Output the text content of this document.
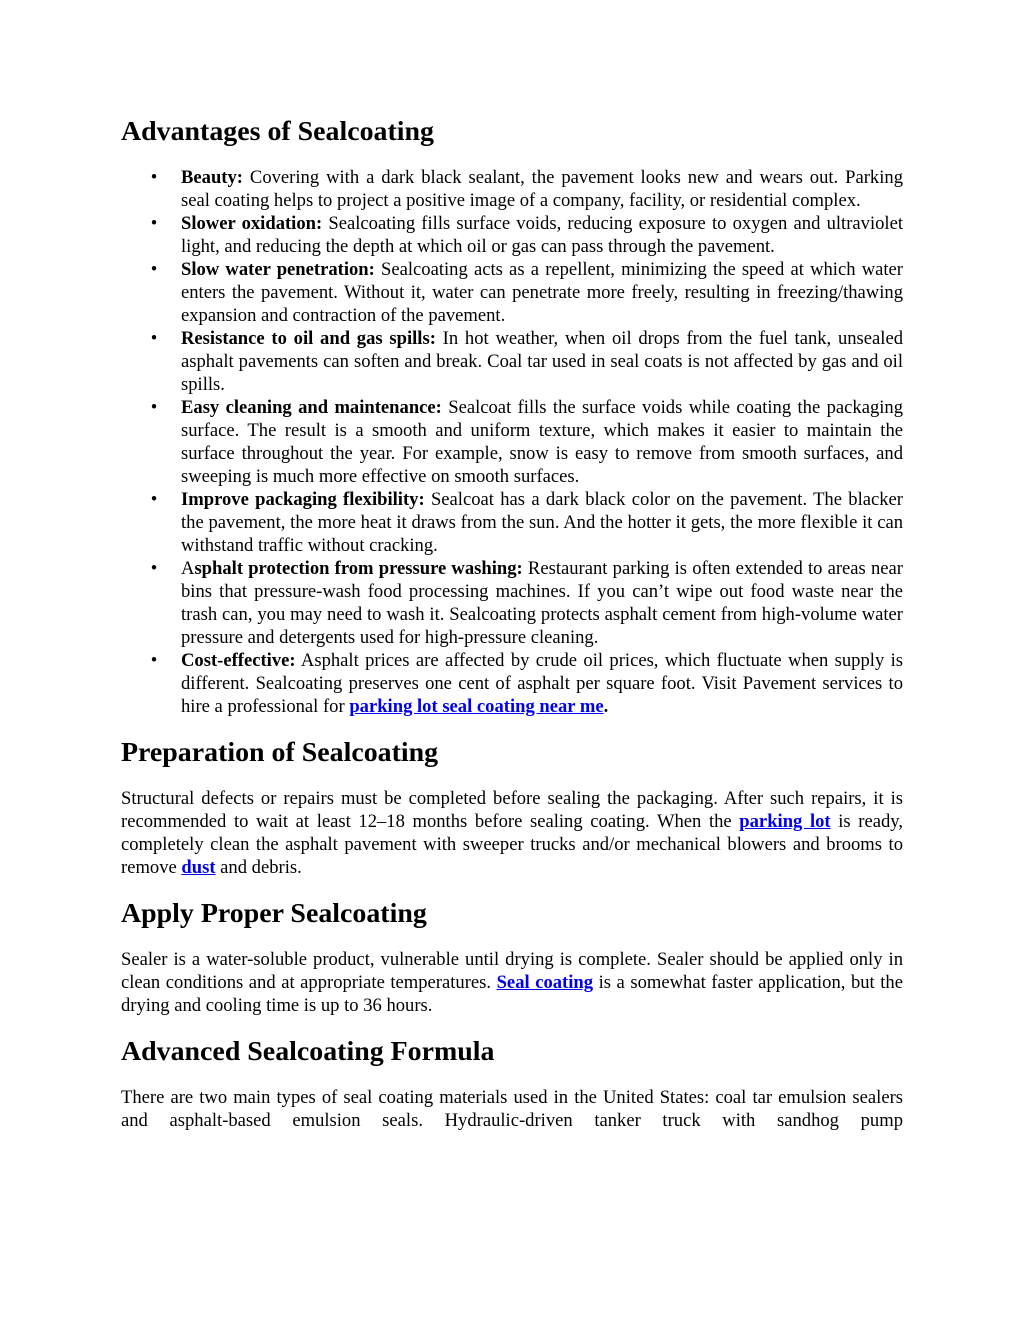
Advantages of Sealcoating
• Beauty: Covering with a dark black sealant, the pavement looks new and wears out. Parking seal coating helps to project a positive image of a company, facility, or residential complex.
• Slower oxidation: Sealcoating fills surface voids, reducing exposure to oxygen and ultraviolet light, and reducing the depth at which oil or gas can pass through the pavement.
• Slow water penetration: Sealcoating acts as a repellent, minimizing the speed at which water enters the pavement. Without it, water can penetrate more freely, resulting in freezing/thawing expansion and contraction of the pavement.
• Resistance to oil and gas spills: In hot weather, when oil drops from the fuel tank, unsealed asphalt pavements can soften and break. Coal tar used in seal coats is not affected by gas and oil spills.
• Easy cleaning and maintenance: Sealcoat fills the surface voids while coating the packaging surface. The result is a smooth and uniform texture, which makes it easier to maintain the surface throughout the year. For example, snow is easy to remove from smooth surfaces, and sweeping is much more effective on smooth surfaces.
• Improve packaging flexibility: Sealcoat has a dark black color on the pavement. The blacker the pavement, the more heat it draws from the sun. And the hotter it gets, the more flexible it can withstand traffic without cracking.
• Asphalt protection from pressure washing: Restaurant parking is often extended to areas near bins that pressure-wash food processing machines. If you can’t wipe out food waste near the trash can, you may need to wash it. Sealcoating protects asphalt cement from high-volume water pressure and detergents used for high-pressure cleaning.
• Cost-effective: Asphalt prices are affected by crude oil prices, which fluctuate when supply is different. Sealcoating preserves one cent of asphalt per square foot. Visit Pavement services to hire a professional for parking lot seal coating near me.
Preparation of Sealcoating

Structural defects or repairs must be completed before sealing the packaging. After such repairs, it is recommended to wait at least 12–18 months before sealing coating. When the parking lot is ready, completely clean the asphalt pavement with sweeper trucks and/or mechanical blowers and brooms to remove dust and debris.

Apply Proper Sealcoating

Sealer is a water-soluble product, vulnerable until drying is complete. Sealer should be applied only in clean conditions and at appropriate temperatures. Seal coating is a somewhat faster application, but the drying and cooling time is up to 36 hours.

Advanced Sealcoating Formula

There are two main types of seal coating materials used in the United States: coal tar emulsion sealers and asphalt-based emulsion seals. Hydraulic-driven tanker truck with sandhog pump
